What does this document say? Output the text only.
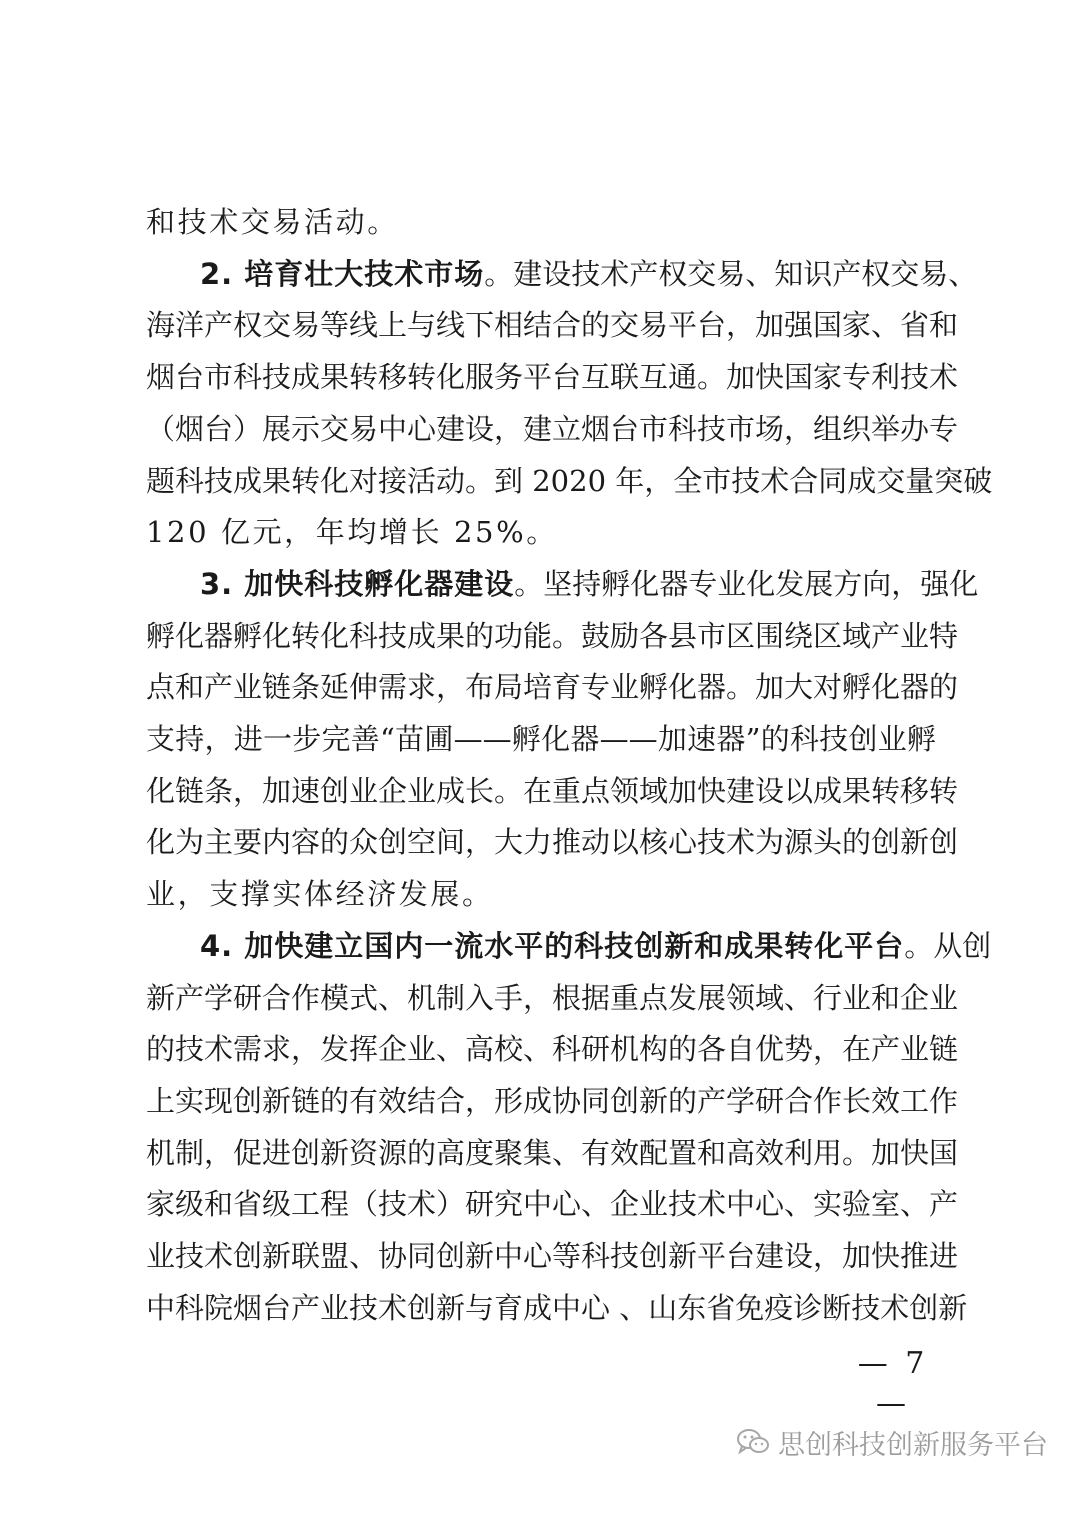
和技术交易活动。
2. 培育壮大技术市场。建设技术产权交易、知识产权交易、
海洋产权交易等线上与线下相结合的交易平台，加强国家、省和
烟台市科技成果转移转化服务平台互联互通。加快国家专利技术
（烟台）展示交易中心建设，建立烟台市科技市场，组织举办专
题科技成果转化对接活动。到 2020 年，全市技术合同成交量突破
120 亿元，年均增长 25%。
3. 加快科技孵化器建设。坚持孵化器专业化发展方向，强化
孵化器孵化转化科技成果的功能。鼓励各县市区围绕区域产业特
点和产业链条延伸需求，布局培育专业孵化器。加大对孵化器的
支持，进一步完善“苗圃——孵化器——加速器”的科技创业孵
化链条，加速创业企业成长。在重点领域加快建设以成果转移转
化为主要内容的众创空间，大力推动以核心技术为源头的创新创
业，支撑实体经济发展。
4. 加快建立国内一流水平的科技创新和成果转化平台。从创
新产学研合作模式、机制入手，根据重点发展领域、行业和企业
的技术需求，发挥企业、高校、科研机构的各自优势，在产业链
上实现创新链的有效结合，形成协同创新的产学研合作长效工作
机制，促进创新资源的高度聚集、有效配置和高效利用。加快国
家级和省级工程（技术）研究中心、企业技术中心、实验室、产
业技术创新联盟、协同创新中心等科技创新平台建设，加快推进
中科院烟台产业技术创新与育成中心 、山东省免疫诊断技术创新
— 7 —
思创科技创新服务平台
